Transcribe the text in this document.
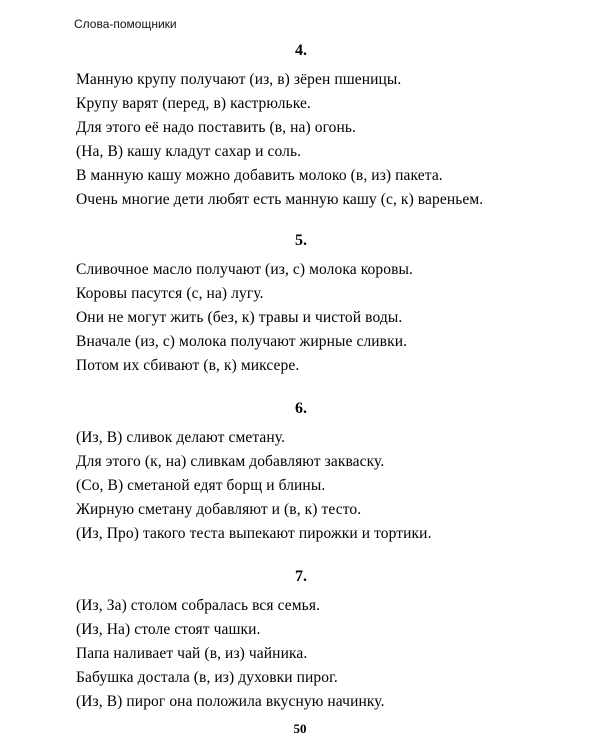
Слова-помощники
4.
Манную крупу получают (из, в) зёрен пшеницы.
Крупу варят (перед, в) кастрюльке.
Для этого её надо поставить (в, на) огонь.
(На, В) кашу кладут сахар и соль.
В манную кашу можно добавить молоко (в, из) пакета.
Очень многие дети любят есть манную кашу (с, к) вареньем.
5.
Сливочное масло получают (из, с) молока коровы.
Коровы пасутся (с, на) лугу.
Они не могут жить (без, к) травы и чистой воды.
Вначале (из, с) молока получают жирные сливки.
Потом их сбивают (в, к) миксере.
6.
(Из, В) сливок делают сметану.
Для этого (к, на) сливкам добавляют закваску.
(Со, В) сметаной едят борщ и блины.
Жирную сметану добавляют и (в, к) тесто.
(Из, Про) такого теста выпекают пирожки и тортики.
7.
(Из, За) столом собралась вся семья.
(Из, На) столе стоят чашки.
Папа наливает чай (в, из) чайника.
Бабушка достала (в, из) духовки пирог.
(Из, В) пирог она положила вкусную начинку.
50
